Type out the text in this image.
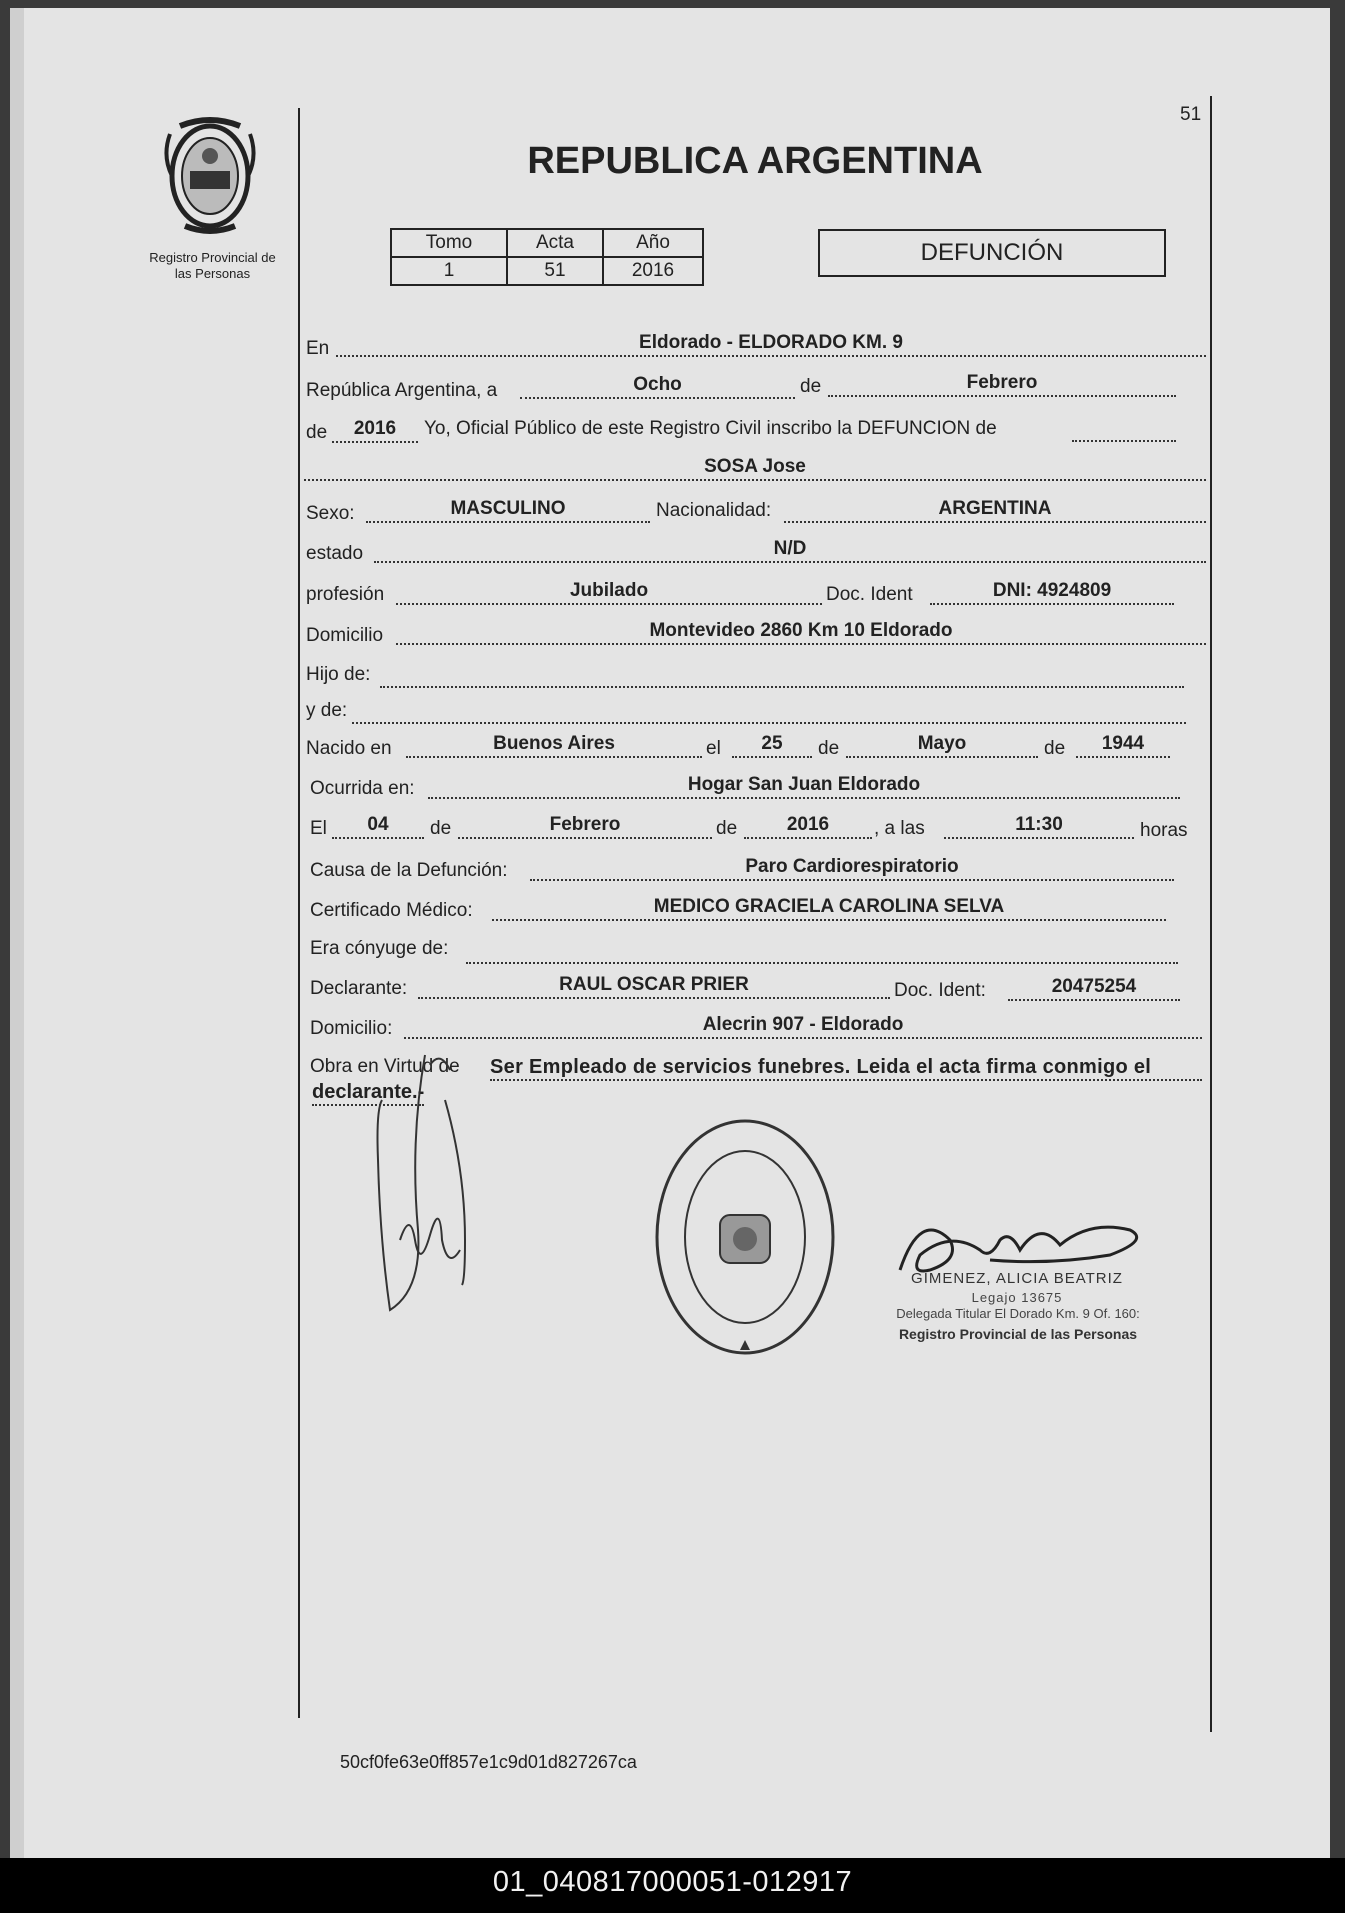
51
Registro Provincial de
las Personas
REPUBLICA ARGENTINA
Tomo	Acta	Año
1	51	2016
DEFUNCIÓN
En	Eldorado - ELDORADO KM. 9
República Argentina, a	Ocho	de	Febrero
de	2016	Yo, Oficial Público de este Registro Civil inscribo la DEFUNCION de
SOSA Jose
Sexo:	MASCULINO	Nacionalidad:	ARGENTINA
estado	N/D
profesión	Jubilado	Doc. Ident	DNI: 4924809
Domicilio	Montevideo 2860 Km 10 Eldorado
Hijo de:
y de:
Nacido en	Buenos Aires	el	25	de	Mayo	de	1944
Ocurrida en:	Hogar San Juan Eldorado
El	04	de	Febrero	de	2016	, a las	11:30	horas
Causa de la Defunción:	Paro Cardiorespiratorio
Certificado Médico:	MEDICO GRACIELA CAROLINA SELVA
Era cónyuge de:
Declarante:	RAUL OSCAR PRIER	Doc. Ident:	20475254
Domicilio:	Alecrin 907 - Eldorado
Obra en Virtud de Ser Empleado de servicios funebres. Leida el acta firma conmigo el
declarante.-
GIMENEZ, ALICIA BEATRIZ
Legajo 13675
Delegada Titular El Dorado Km. 9 Of. 160:
Registro Provincial de las Personas
50cf0fe63e0ff857e1c9d01d827267ca
01_040817000051-012917
